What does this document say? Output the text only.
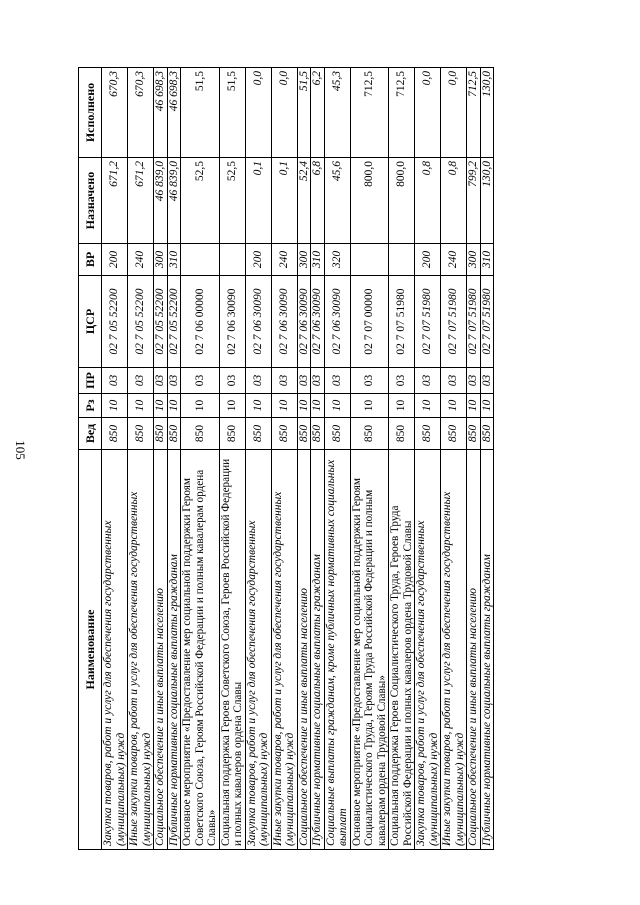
105
Наименование	Вед	Рз	ПР	ЦСР	ВР	Назначено	Исполнено
Закупка товаров, работ и услуг для обеспечения государственных (муниципальных) нужд	850	10	03	02 7 05 52200	200	671,2	670,3
Иные закупки товаров, работ и услуг для обеспечения государственных (муниципальных) нужд	850	10	03	02 7 05 52200	240	671,2	670,3
Социальное обеспечение и иные выплаты населению	850	10	03	02 7 05 52200	300	46 839,0	46 698,3
Публичные нормативные социальные выплаты гражданам	850	10	03	02 7 05 52200	310	46 839,0	46 698,3
Основное мероприятие «Предоставление мер социальной поддержки Героям Советского Союза, Героям Российской Федерации и полным кавалерам ордена Славы»	850	10	03	02 7 06 00000		52,5	51,5
Социальная поддержка Героев Советского Союза, Героев Российской Федерации и полных кавалеров ордена Славы	850	10	03	02 7 06 30090		52,5	51,5
Закупка товаров, работ и услуг для обеспечения государственных (муниципальных) нужд	850	10	03	02 7 06 30090	200	0,1	0,0
Иные закупки товаров, работ и услуг для обеспечения государственных (муниципальных) нужд	850	10	03	02 7 06 30090	240	0,1	0,0
Социальное обеспечение и иные выплаты населению	850	10	03	02 7 06 30090	300	52,4	51,5
Публичные нормативные социальные выплаты гражданам	850	10	03	02 7 06 30090	310	6,8	6,2
Социальные выплаты гражданам, кроме публичных нормативных социальных выплат	850	10	03	02 7 06 30090	320	45,6	45,3
Основное мероприятие «Предоставление мер социальной поддержки Героям Социалистического Труда, Героям Труда Российской Федерации и полным кавалерам ордена Трудовой Славы»	850	10	03	02 7 07 00000		800,0	712,5
Социальная поддержка Героев Социалистического Труда, Героев Труда Российской Федерации и полных кавалеров ордена Трудовой Славы	850	10	03	02 7 07 51980		800,0	712,5
Закупка товаров, работ и услуг для обеспечения государственных (муниципальных) нужд	850	10	03	02 7 07 51980	200	0,8	0,0
Иные закупки товаров, работ и услуг для обеспечения государственных (муниципальных) нужд	850	10	03	02 7 07 51980	240	0,8	0,0
Социальное обеспечение и иные выплаты населению	850	10	03	02 7 07 51980	300	799,2	712,5
Публичные нормативные социальные выплаты гражданам	850	10	03	02 7 07 51980	310	130,0	130,0
